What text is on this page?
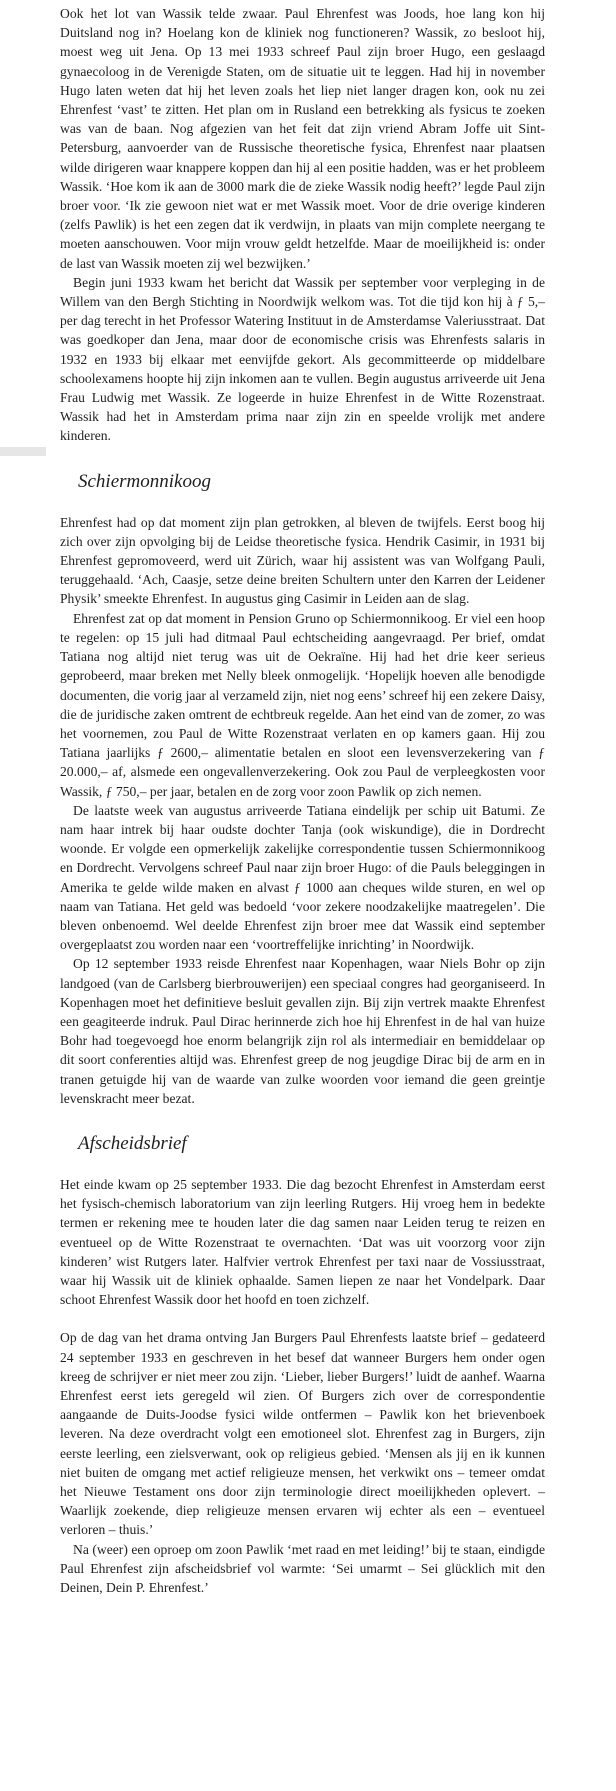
Ook het lot van Wassik telde zwaar. Paul Ehrenfest was Joods, hoe lang kon hij Duitsland nog in? Hoelang kon de kliniek nog functioneren? Wassik, zo besloot hij, moest weg uit Jena. Op 13 mei 1933 schreef Paul zijn broer Hugo, een geslaagd gynaecoloog in de Verenigde Staten, om de situatie uit te leggen. Had hij in november Hugo laten weten dat hij het leven zoals het liep niet langer dragen kon, ook nu zei Ehrenfest ‘vast’ te zitten. Het plan om in Rusland een betrekking als fysicus te zoeken was van de baan. Nog afgezien van het feit dat zijn vriend Abram Joffe uit Sint-Petersburg, aanvoerder van de Russische theoretische fysica, Ehrenfest naar plaatsen wilde dirigeren waar knappere koppen dan hij al een positie hadden, was er het probleem Wassik. ‘Hoe kom ik aan de 3000 mark die de zieke Wassik nodig heeft?’ legde Paul zijn broer voor. ‘Ik zie gewoon niet wat er met Wassik moet. Voor de drie overige kinderen (zelfs Pawlik) is het een zegen dat ik verdwijn, in plaats van mijn complete neergang te moeten aanschouwen. Voor mijn vrouw geldt hetzelfde. Maar de moeilijkheid is: onder de last van Wassik moeten zij wel bezwijken.’

Begin juni 1933 kwam het bericht dat Wassik per september voor verpleging in de Willem van den Bergh Stichting in Noordwijk welkom was. Tot die tijd kon hij à ƒ 5,– per dag terecht in het Professor Watering Instituut in de Amsterdamse Valeriusstraat. Dat was goedkoper dan Jena, maar door de economische crisis was Ehrenfests salaris in 1932 en 1933 bij elkaar met eenvijfde gekort. Als gecommitteerde op middelbare schoolexamens hoopte hij zijn inkomen aan te vullen. Begin augustus arriveerde uit Jena Frau Ludwig met Wassik. Ze logeerde in huize Ehrenfest in de Witte Rozenstraat. Wassik had het in Amsterdam prima naar zijn zin en speelde vrolijk met andere kinderen.

Schiermonnikoog

Ehrenfest had op dat moment zijn plan getrokken, al bleven de twijfels. Eerst boog hij zich over zijn opvolging bij de Leidse theoretische fysica. Hendrik Casimir, in 1931 bij Ehrenfest gepromoveerd, werd uit Zürich, waar hij assistent was van Wolfgang Pauli, teruggehaald. ‘Ach, Caasje, setze deine breiten Schultern unter den Karren der Leidener Physik’ smeekte Ehrenfest. In augustus ging Casimir in Leiden aan de slag.

Ehrenfest zat op dat moment in Pension Gruno op Schiermonnikoog. Er viel een hoop te regelen: op 15 juli had ditmaal Paul echtscheiding aangevraagd. Per brief, omdat Tatiana nog altijd niet terug was uit de Oekraïne. Hij had het drie keer serieus geprobeerd, maar breken met Nelly bleek onmogelijk. ‘Hopelijk hoeven alle benodigde documenten, die vorig jaar al verzameld zijn, niet nog eens’ schreef hij een zekere Daisy, die de juridische zaken omtrent de echtbreuk regelde. Aan het eind van de zomer, zo was het voornemen, zou Paul de Witte Rozenstraat verlaten en op kamers gaan. Hij zou Tatiana jaarlijks ƒ 2600,– alimentatie betalen en sloot een levensverzekering van ƒ 20.000,– af, alsmede een ongevallenverzekering. Ook zou Paul de verpleegkosten voor Wassik, ƒ 750,– per jaar, betalen en de zorg voor zoon Pawlik op zich nemen.

De laatste week van augustus arriveerde Tatiana eindelijk per schip uit Batumi. Ze nam haar intrek bij haar oudste dochter Tanja (ook wiskundige), die in Dordrecht woonde. Er volgde een opmerkelijk zakelijke correspondentie tussen Schiermonnikoog en Dordrecht. Vervolgens schreef Paul naar zijn broer Hugo: of die Pauls beleggingen in Amerika te gelde wilde maken en alvast ƒ 1000 aan cheques wilde sturen, en wel op naam van Tatiana. Het geld was bedoeld ‘voor zekere noodzakelijke maatregelen’. Die bleven onbenoemd. Wel deelde Ehrenfest zijn broer mee dat Wassik eind september overgeplaatst zou worden naar een ‘voortreffelijke inrichting’ in Noordwijk.

Op 12 september 1933 reisde Ehrenfest naar Kopenhagen, waar Niels Bohr op zijn landgoed (van de Carlsberg bierbrouwerijen) een speciaal congres had georganiseerd. In Kopenhagen moet het definitieve besluit gevallen zijn. Bij zijn vertrek maakte Ehrenfest een geagiteerde indruk. Paul Dirac herinnerde zich hoe hij Ehrenfest in de hal van huize Bohr had toegevoegd hoe enorm belangrijk zijn rol als intermediair en bemiddelaar op dit soort conferenties altijd was. Ehrenfest greep de nog jeugdige Dirac bij de arm en in tranen getuigde hij van de waarde van zulke woorden voor iemand die geen greintje levenskracht meer bezat.

Afscheidsbrief

Het einde kwam op 25 september 1933. Die dag bezocht Ehrenfest in Amsterdam eerst het fysisch-chemisch laboratorium van zijn leerling Rutgers. Hij vroeg hem in bedekte termen er rekening mee te houden later die dag samen naar Leiden terug te reizen en eventueel op de Witte Rozenstraat te overnachten. ‘Dat was uit voorzorg voor zijn kinderen’ wist Rutgers later. Halfvier vertrok Ehrenfest per taxi naar de Vossiusstraat, waar hij Wassik uit de kliniek ophaalde. Samen liepen ze naar het Vondelpark. Daar schoot Ehrenfest Wassik door het hoofd en toen zichzelf.

Op de dag van het drama ontving Jan Burgers Paul Ehrenfests laatste brief – gedateerd 24 september 1933 en geschreven in het besef dat wanneer Burgers hem onder ogen kreeg de schrijver er niet meer zou zijn. ‘Lieber, lieber Burgers!’ luidt de aanhef. Waarna Ehrenfest eerst iets geregeld wil zien. Of Burgers zich over de correspondentie aangaande de Duits-Joodse fysici wilde ontfermen – Pawlik kon het brievenboek leveren. Na deze overdracht volgt een emotioneel slot. Ehrenfest zag in Burgers, zijn eerste leerling, een zielsverwant, ook op religieus gebied. ‘Mensen als jij en ik kunnen niet buiten de omgang met actief religieuze mensen, het verkwikt ons – temeer omdat het Nieuwe Testament ons door zijn terminologie direct moeilijkheden oplevert. – Waarlijk zoekende, diep religieuze mensen ervaren wij echter als een – eventueel verloren – thuis.’

Na (weer) een oproep om zoon Pawlik ‘met raad en met leiding!’ bij te staan, eindigde Paul Ehrenfest zijn afscheidsbrief vol warmte: ‘Sei umarmt – Sei glücklich mit den Deinen, Dein P. Ehrenfest.’
